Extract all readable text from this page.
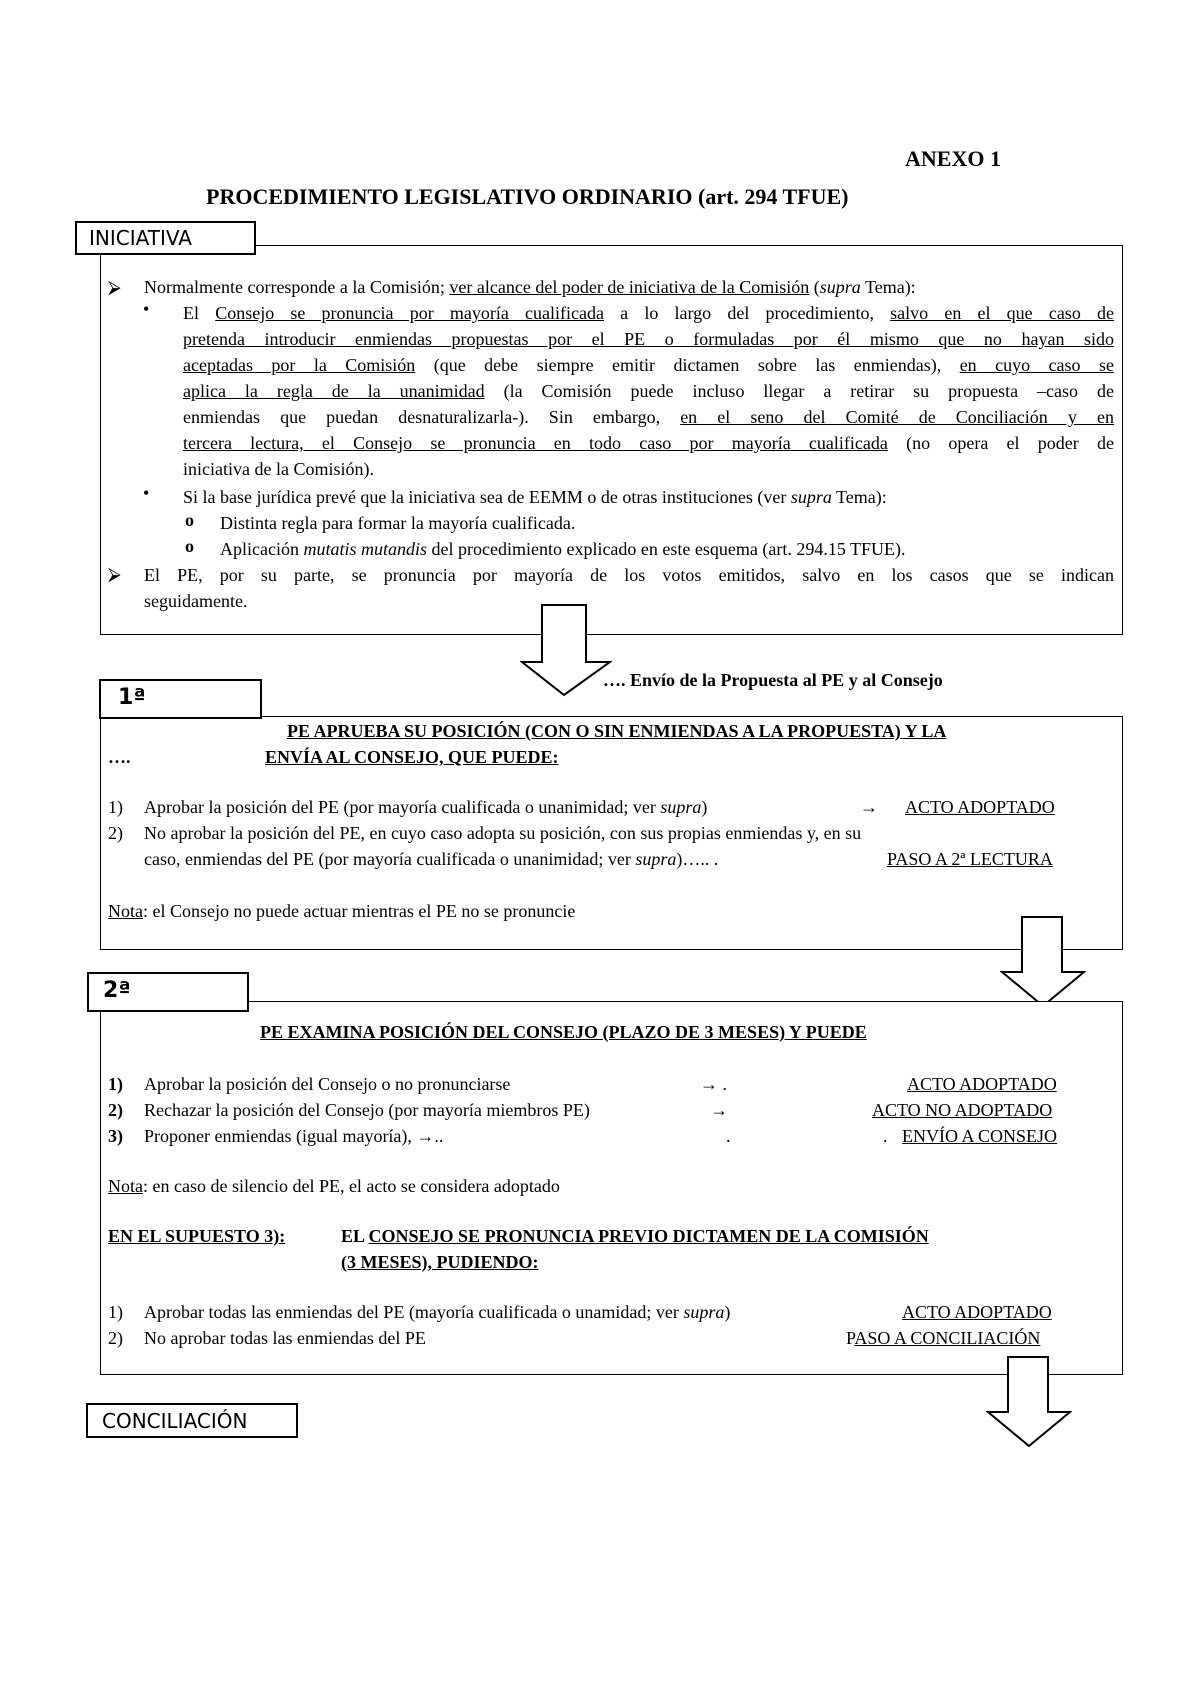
ANEXO 1
PROCEDIMIENTO LEGISLATIVO ORDINARIO (art. 294 TFUE)
INICIATIVA
⮚ Normalmente corresponde a la Comisión; ver alcance del poder de iniciativa de la Comisión (supra Tema):
• El Consejo se pronuncia por mayoría cualificada a lo largo del procedimiento, salvo en el que caso de
pretenda introducir enmiendas propuestas por el PE o formuladas por él mismo que no hayan sido
aceptadas por la Comisión (que debe siempre emitir dictamen sobre las enmiendas), en cuyo caso se
aplica la regla de la unanimidad (la Comisión puede incluso llegar a retirar su propuesta –caso de
enmiendas que puedan desnaturalizarla-). Sin embargo, en el seno del Comité de Conciliación y en
tercera lectura, el Consejo se pronuncia en todo caso por mayoría cualificada (no opera el poder de
iniciativa de la Comisión).
• Si la base jurídica prevé que la iniciativa sea de EEMM o de otras instituciones (ver supra Tema):
o Distinta regla para formar la mayoría cualificada.
o Aplicación mutatis mutandis del procedimiento explicado en este esquema (art. 294.15 TFUE).
⮚ El PE, por su parte, se pronuncia por mayoría de los votos emitidos, salvo en los casos que se indican
seguidamente.
…. Envío de la Propuesta al PE y al Consejo
1ª
PE APRUEBA SU POSICIÓN (CON O SIN ENMIENDAS A LA PROPUESTA) Y LA
….	ENVÍA AL CONSEJO, QUE PUEDE:
1) Aprobar la posición del PE (por mayoría cualificada o unanimidad; ver supra)	→ ACTO ADOPTADO
2) No aprobar la posición del PE, en cuyo caso adopta su posición, con sus propias enmiendas y, en su
caso, enmiendas del PE (por mayoría cualificada o unanimidad; ver supra)….. .	PASO A 2ª LECTURA
Nota: el Consejo no puede actuar mientras el PE no se pronuncie
2ª
PE EXAMINA POSICIÓN DEL CONSEJO (PLAZO DE 3 MESES) Y PUEDE
1) Aprobar la posición del Consejo o no pronunciarse	→ .	ACTO ADOPTADO
2) Rechazar la posición del Consejo (por mayoría miembros PE)	→	ACTO NO ADOPTADO
3) Proponer enmiendas (igual mayoría), →..	.	. ENVÍO A CONSEJO
Nota: en caso de silencio del PE, el acto se considera adoptado
EN EL SUPUESTO 3):	EL CONSEJO SE PRONUNCIA PREVIO DICTAMEN DE LA COMISIÓN
(3 MESES), PUDIENDO:
1) Aprobar todas las enmiendas del PE (mayoría cualificada o unamidad; ver supra)	ACTO ADOPTADO
2) No aprobar todas las enmiendas del PE	PASO A CONCILIACIÓN
CONCILIACIÓN
